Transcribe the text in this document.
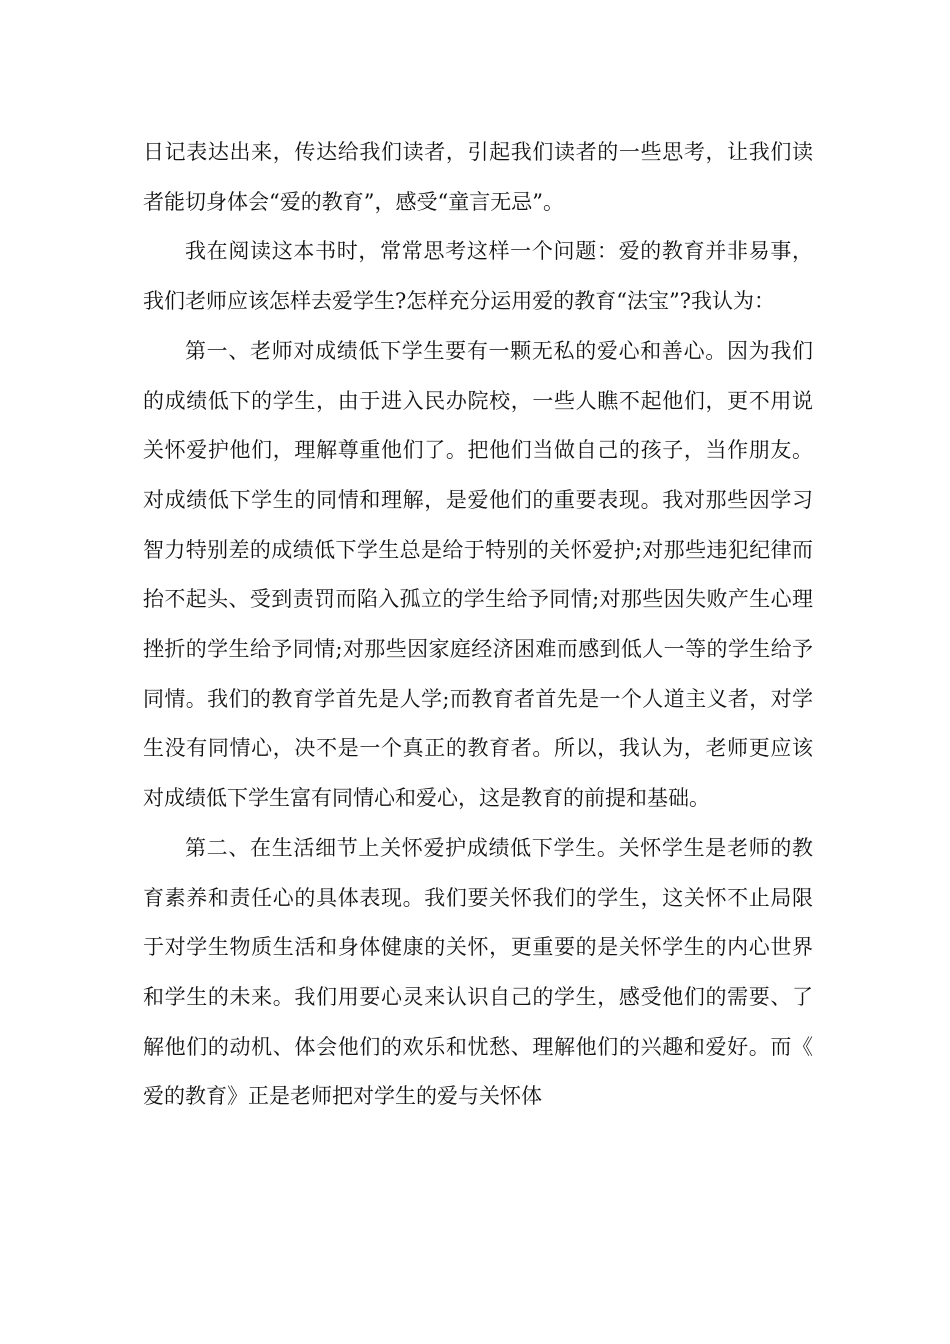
日记表达出来，传达给我们读者，引起我们读者的一些思考，让我们读者能切身体会“爱的教育”，感受“童言无忌”。

我在阅读这本书时，常常思考这样一个问题：爱的教育并非易事，我们老师应该怎样去爱学生?怎样充分运用爱的教育“法宝”?我认为：

第一、老师对成绩低下学生要有一颗无私的爱心和善心。因为我们的成绩低下的学生，由于进入民办院校，一些人瞧不起他们，更不用说关怀爱护他们，理解尊重他们了。把他们当做自己的孩子，当作朋友。对成绩低下学生的同情和理解，是爱他们的重要表现。我对那些因学习智力特别差的成绩低下学生总是给于特别的关怀爱护;对那些违犯纪律而抬不起头、受到责罚而陷入孤立的学生给予同情;对那些因失败产生心理挫折的学生给予同情;对那些因家庭经济困难而感到低人一等的学生给予同情。我们的教育学首先是人学;而教育者首先是一个人道主义者，对学生没有同情心，决不是一个真正的教育者。所以，我认为，老师更应该对成绩低下学生富有同情心和爱心，这是教育的前提和基础。

第二、在生活细节上关怀爱护成绩低下学生。关怀学生是老师的教育素养和责任心的具体表现。我们要关怀我们的学生，这关怀不止局限于对学生物质生活和身体健康的关怀，更重要的是关怀学生的内心世界和学生的未来。我们用要心灵来认识自己的学生，感受他们的需要、了解他们的动机、体会他们的欢乐和忧愁、理解他们的兴趣和爱好。而《爱的教育》正是老师把对学生的爱与关怀体
